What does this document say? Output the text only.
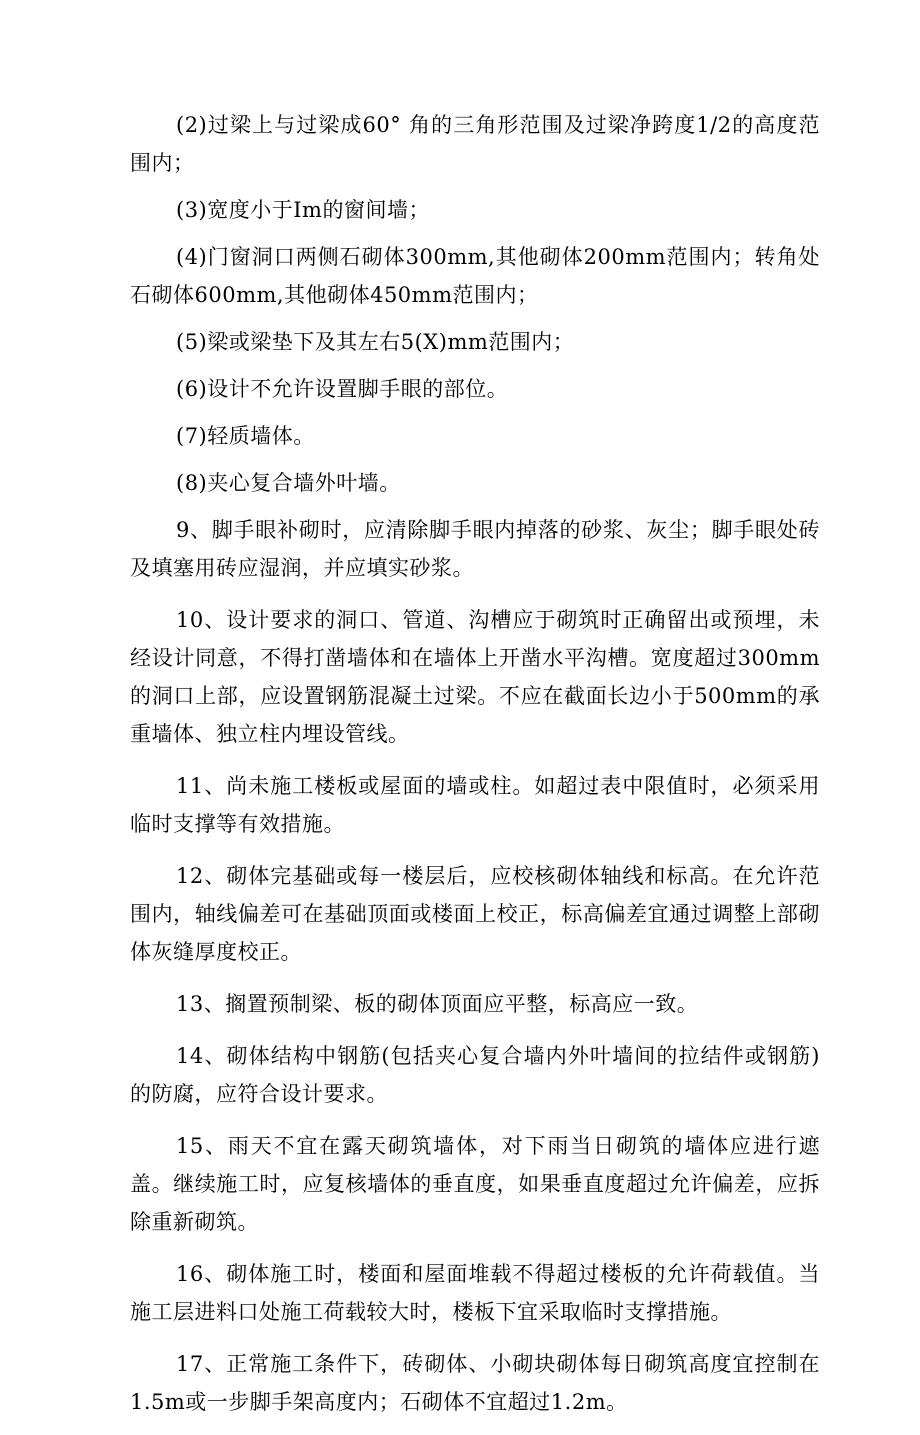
(2)过梁上与过梁成60° 角的三角形范围及过梁净跨度1/2的高度范围内；

(3)宽度小于Im的窗间墙；

(4)门窗洞口两侧石砌体300mm,其他砌体200mm范围内；转角处石砌体600mm,其他砌体450mm范围内；

(5)梁或梁垫下及其左右5(X)mm范围内；

(6)设计不允许设置脚手眼的部位。

(7)轻质墙体。

(8)夹心复合墙外叶墙。

9、脚手眼补砌时，应清除脚手眼内掉落的砂浆、灰尘；脚手眼处砖及填塞用砖应湿润，并应填实砂浆。

10、设计要求的洞口、管道、沟槽应于砌筑时正确留出或预埋，未经设计同意，不得打凿墙体和在墙体上开凿水平沟槽。宽度超过300mm的洞口上部，应设置钢筋混凝土过梁。不应在截面长边小于500mm的承重墙体、独立柱内埋设管线。

11、尚未施工楼板或屋面的墙或柱。如超过表中限值时，必须采用临时支撑等有效措施。

12、砌体完基础或每一楼层后，应校核砌体轴线和标高。在允许范围内，轴线偏差可在基础顶面或楼面上校正，标高偏差宜通过调整上部砌体灰缝厚度校正。

13、搁置预制梁、板的砌体顶面应平整，标高应一致。

14、砌体结构中钢筋(包括夹心复合墙内外叶墙间的拉结件或钢筋)的防腐，应符合设计要求。

15、雨天不宜在露天砌筑墙体，对下雨当日砌筑的墙体应进行遮盖。继续施工时，应复核墙体的垂直度，如果垂直度超过允许偏差，应拆除重新砌筑。

16、砌体施工时，楼面和屋面堆载不得超过楼板的允许荷载值。当施工层进料口处施工荷载较大时，楼板下宜采取临时支撑措施。

17、正常施工条件下，砖砌体、小砌块砌体每日砌筑高度宜控制在1.5m或一步脚手架高度内；石砌体不宜超过1.2m。
